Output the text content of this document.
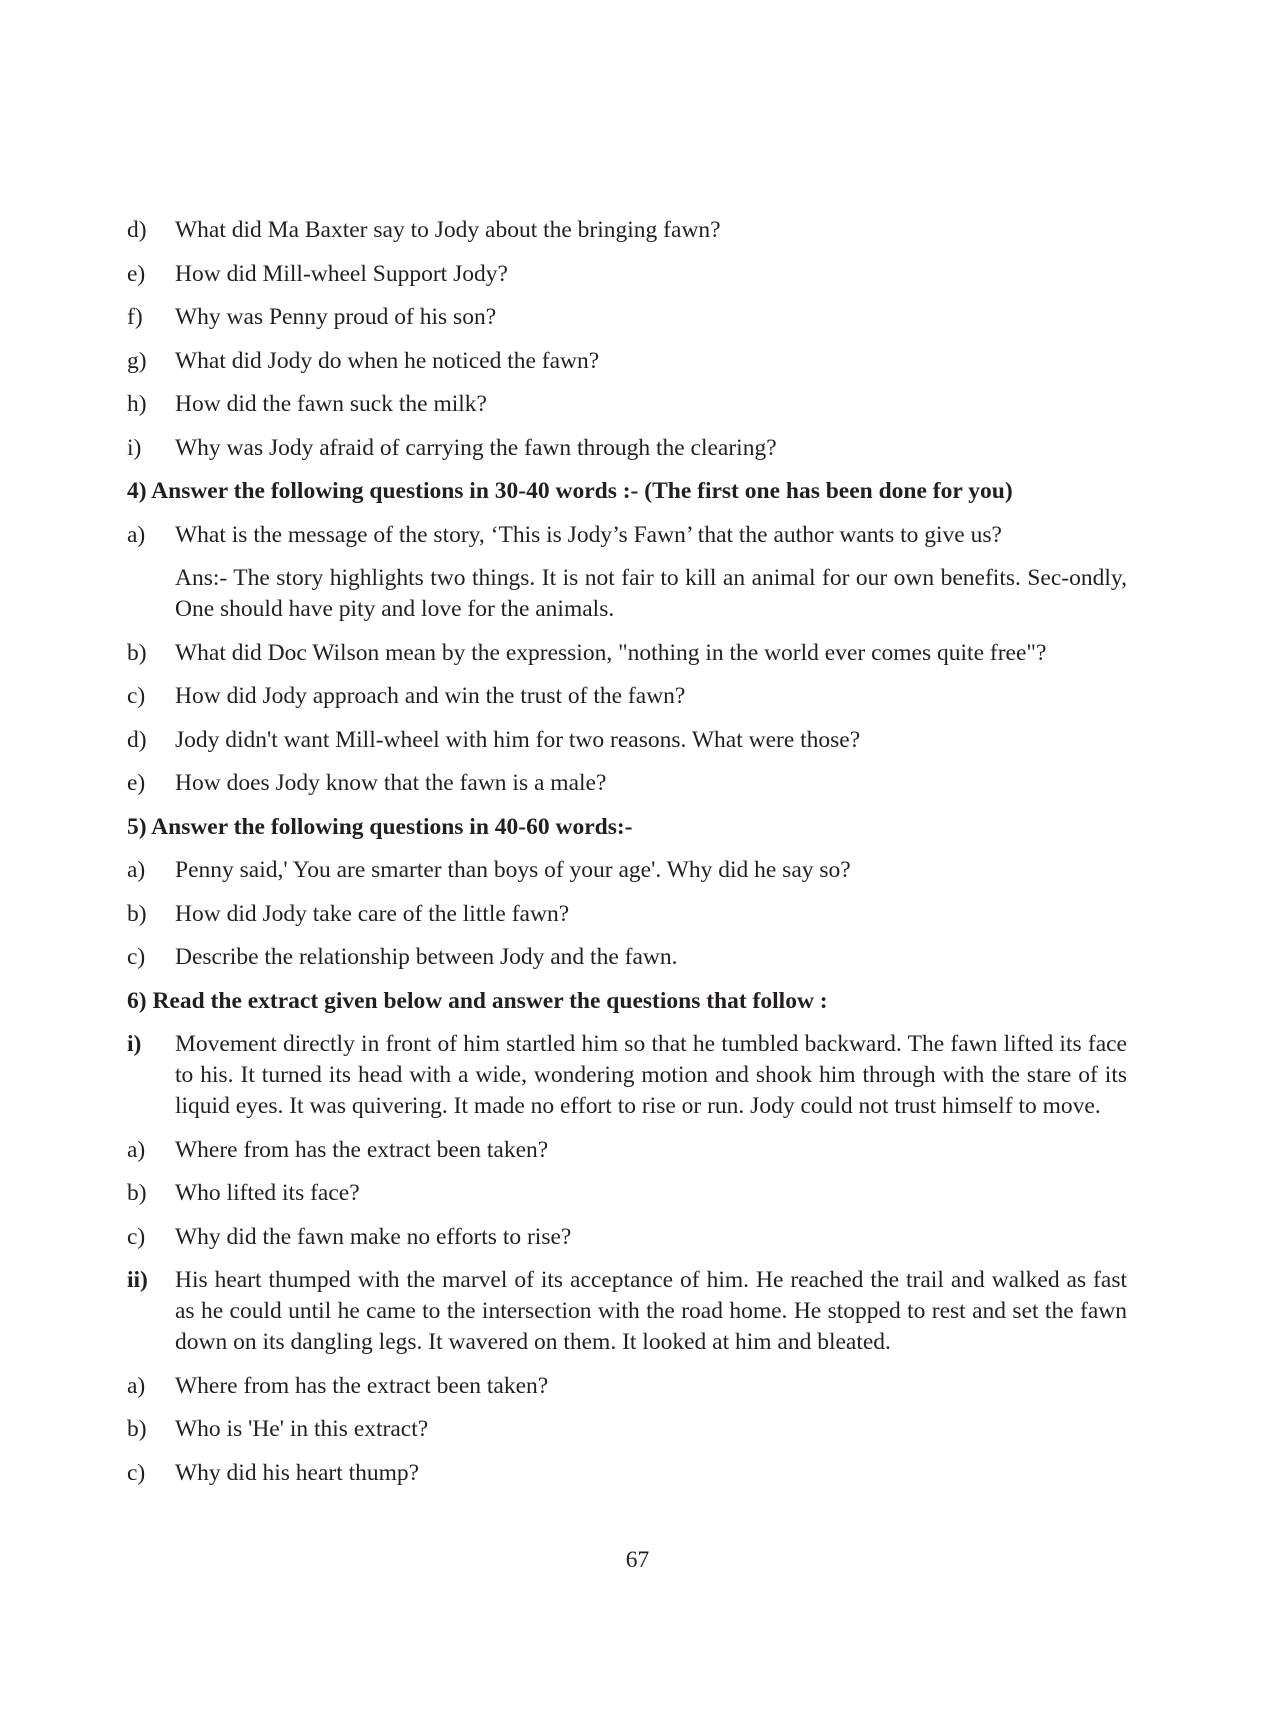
d)	What did Ma Baxter say to Jody about the bringing fawn?
e)	How did Mill-wheel Support Jody?
f)	Why was Penny proud of his son?
g)	What did Jody do when he noticed the fawn?
h)	How did the fawn suck the milk?
i)	Why was Jody afraid of carrying the fawn through the clearing?
4) Answer the following questions in 30-40 words :- (The first one has been done for you)
a)	What is the message of the story, ‘This is Jody’s Fawn’ that the author wants to give us?
Ans:- The story highlights two things. It is not fair to kill an animal for our own benefits. Sec-ondly, One should have pity and love for the animals.
b)	What did Doc Wilson mean by the expression, "nothing in the world ever comes quite free"?
c)	How did Jody approach and win the trust of the fawn?
d)	Jody didn't want Mill-wheel with him for two reasons. What were those?
e)	How does Jody know that the fawn is a male?
5) Answer the following questions in 40-60 words:-
a)	Penny said,' You are smarter than boys of your age'. Why did he say so?
b)	How did Jody take care of the little fawn?
c)	Describe the relationship between Jody and the fawn.
6) Read the extract given below and answer the questions that follow :
i)	Movement directly in front of him startled him so that he tumbled backward. The fawn lifted its face to his. It turned its head with a wide, wondering motion and shook him through with the stare of its liquid eyes. It was quivering. It made no effort to rise or run. Jody could not trust himself to move.
a)	Where from has the extract been taken?
b)	Who lifted its face?
c)	Why did the fawn make no efforts to rise?
ii)	His heart thumped with the marvel of its acceptance of him. He reached the trail and walked as fast as he could until he came to the intersection with the road home. He stopped to rest and set the fawn down on its dangling legs. It wavered on them. It looked at him and bleated.
a)	Where from has the extract been taken?
b)	Who is 'He' in this extract?
c)	Why did his heart thump?
67
